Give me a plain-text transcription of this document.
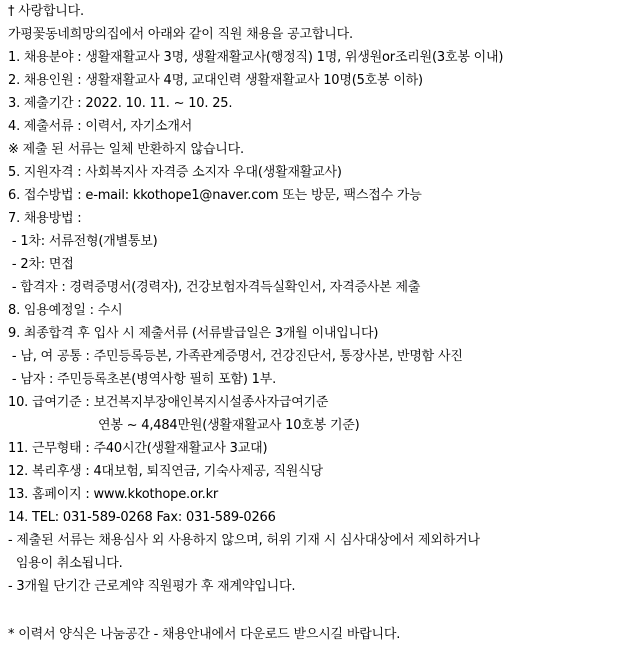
† 사랑합니다.
가평꽃동네희망의집에서 아래와 같이 직원 채용을 공고합니다.
1. 채용분야 : 생활재활교사 3명, 생활재활교사(행정직) 1명, 위생원or조리원(3호봉 이내)
2. 채용인원 : 생활재활교사 4명, 교대인력 생활재활교사 10명(5호봉 이하)
3. 제출기간 : 2022. 10. 11. ~ 10. 25.
4. 제출서류 : 이력서, 자기소개서
※ 제출 된 서류는 일체 반환하지 않습니다.
5. 지원자격 : 사회복지사 자격증 소지자 우대(생활재활교사)
6. 접수방법 : e-mail: kkothope1@naver.com 또는 방문, 팩스접수 가능
7. 채용방법 :
- 1차: 서류전형(개별통보)
- 2차: 면접
- 합격자 : 경력증명서(경력자), 건강보험자격득실확인서, 자격증사본 제출
8. 임용예정일 : 수시
9. 최종합격 후 입사 시 제출서류 (서류발급일은 3개월 이내입니다)
- 남, 여 공통 : 주민등록등본, 가족관계증명서, 건강진단서, 통장사본, 반명함 사진
- 남자 : 주민등록초본(병역사항 필히 포함) 1부.
10. 급여기준 : 보건복지부장애인복지시설종사자급여기준
연봉 ~ 4,484만원(생활재활교사 10호봉 기준)
11. 근무형태 : 주40시간(생활재활교사 3교대)
12. 복리후생 : 4대보험, 퇴직연금, 기숙사제공, 직원식당
13. 홈페이지 : www.kkothope.or.kr
14. TEL: 031-589-0268 Fax: 031-589-0266
- 제출된 서류는 채용심사 외 사용하지 않으며, 허위 기재 시 심사대상에서 제외하거나
임용이 취소됩니다.
- 3개월 단기간 근로계약 직원평가 후 재계약입니다.
* 이력서 양식은 나눔공간 - 채용안내에서 다운로드 받으시길 바랍니다.
